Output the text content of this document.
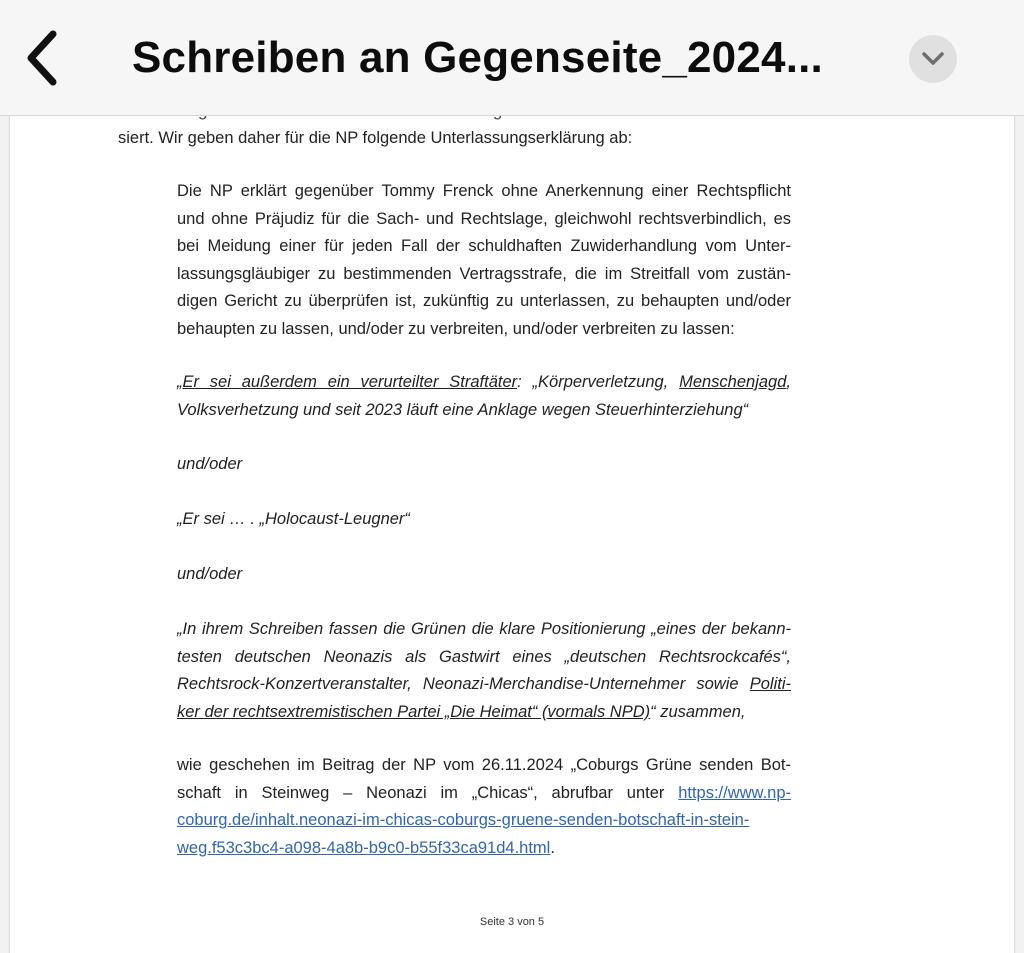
Schreiben an Gegenseite_2024...
siert. Wir geben daher für die NP folgende Unterlassungserklärung ab:
Die NP erklärt gegenüber Tommy Frenck ohne Anerkennung einer Rechtspflicht
und ohne Präjudiz für die Sach- und Rechtslage, gleichwohl rechtsverbindlich, es
bei Meidung einer für jeden Fall der schuldhaften Zuwiderhandlung vom Unter-
lassungsgläubiger zu bestimmenden Vertragsstrafe, die im Streitfall vom zustän-
digen Gericht zu überprüfen ist, zukünftig zu unterlassen, zu behaupten und/oder
behaupten zu lassen, und/oder zu verbreiten, und/oder verbreiten zu lassen:
„Er sei außerdem ein verurteilter Straftäter: „Körperverletzung, Menschenjagd,
Volksverhetzung und seit 2023 läuft eine Anklage wegen Steuerhinterziehung“
und/oder
„Er sei … . „Holocaust-Leugner“
und/oder
„In ihrem Schreiben fassen die Grünen die klare Positionierung „eines der bekann-
testen deutschen Neonazis als Gastwirt eines „deutschen Rechtsrockcafés“,
Rechtsrock-Konzertveranstalter, Neonazi-Merchandise-Unternehmer sowie Politi-
ker der rechtsextremistischen Partei „Die Heimat“ (vormals NPD)“ zusammen,
wie geschehen im Beitrag der NP vom 26.11.2024 „Coburgs Grüne senden Bot-
schaft in Steinweg – Neonazi im „Chicas“, abrufbar unter https://www.np-
coburg.de/inhalt.neonazi-im-chicas-coburgs-gruene-senden-botschaft-in-stein-
weg.f53c3bc4-a098-4a8b-b9c0-b55f33ca91d4.html.
Seite 3 von 5
